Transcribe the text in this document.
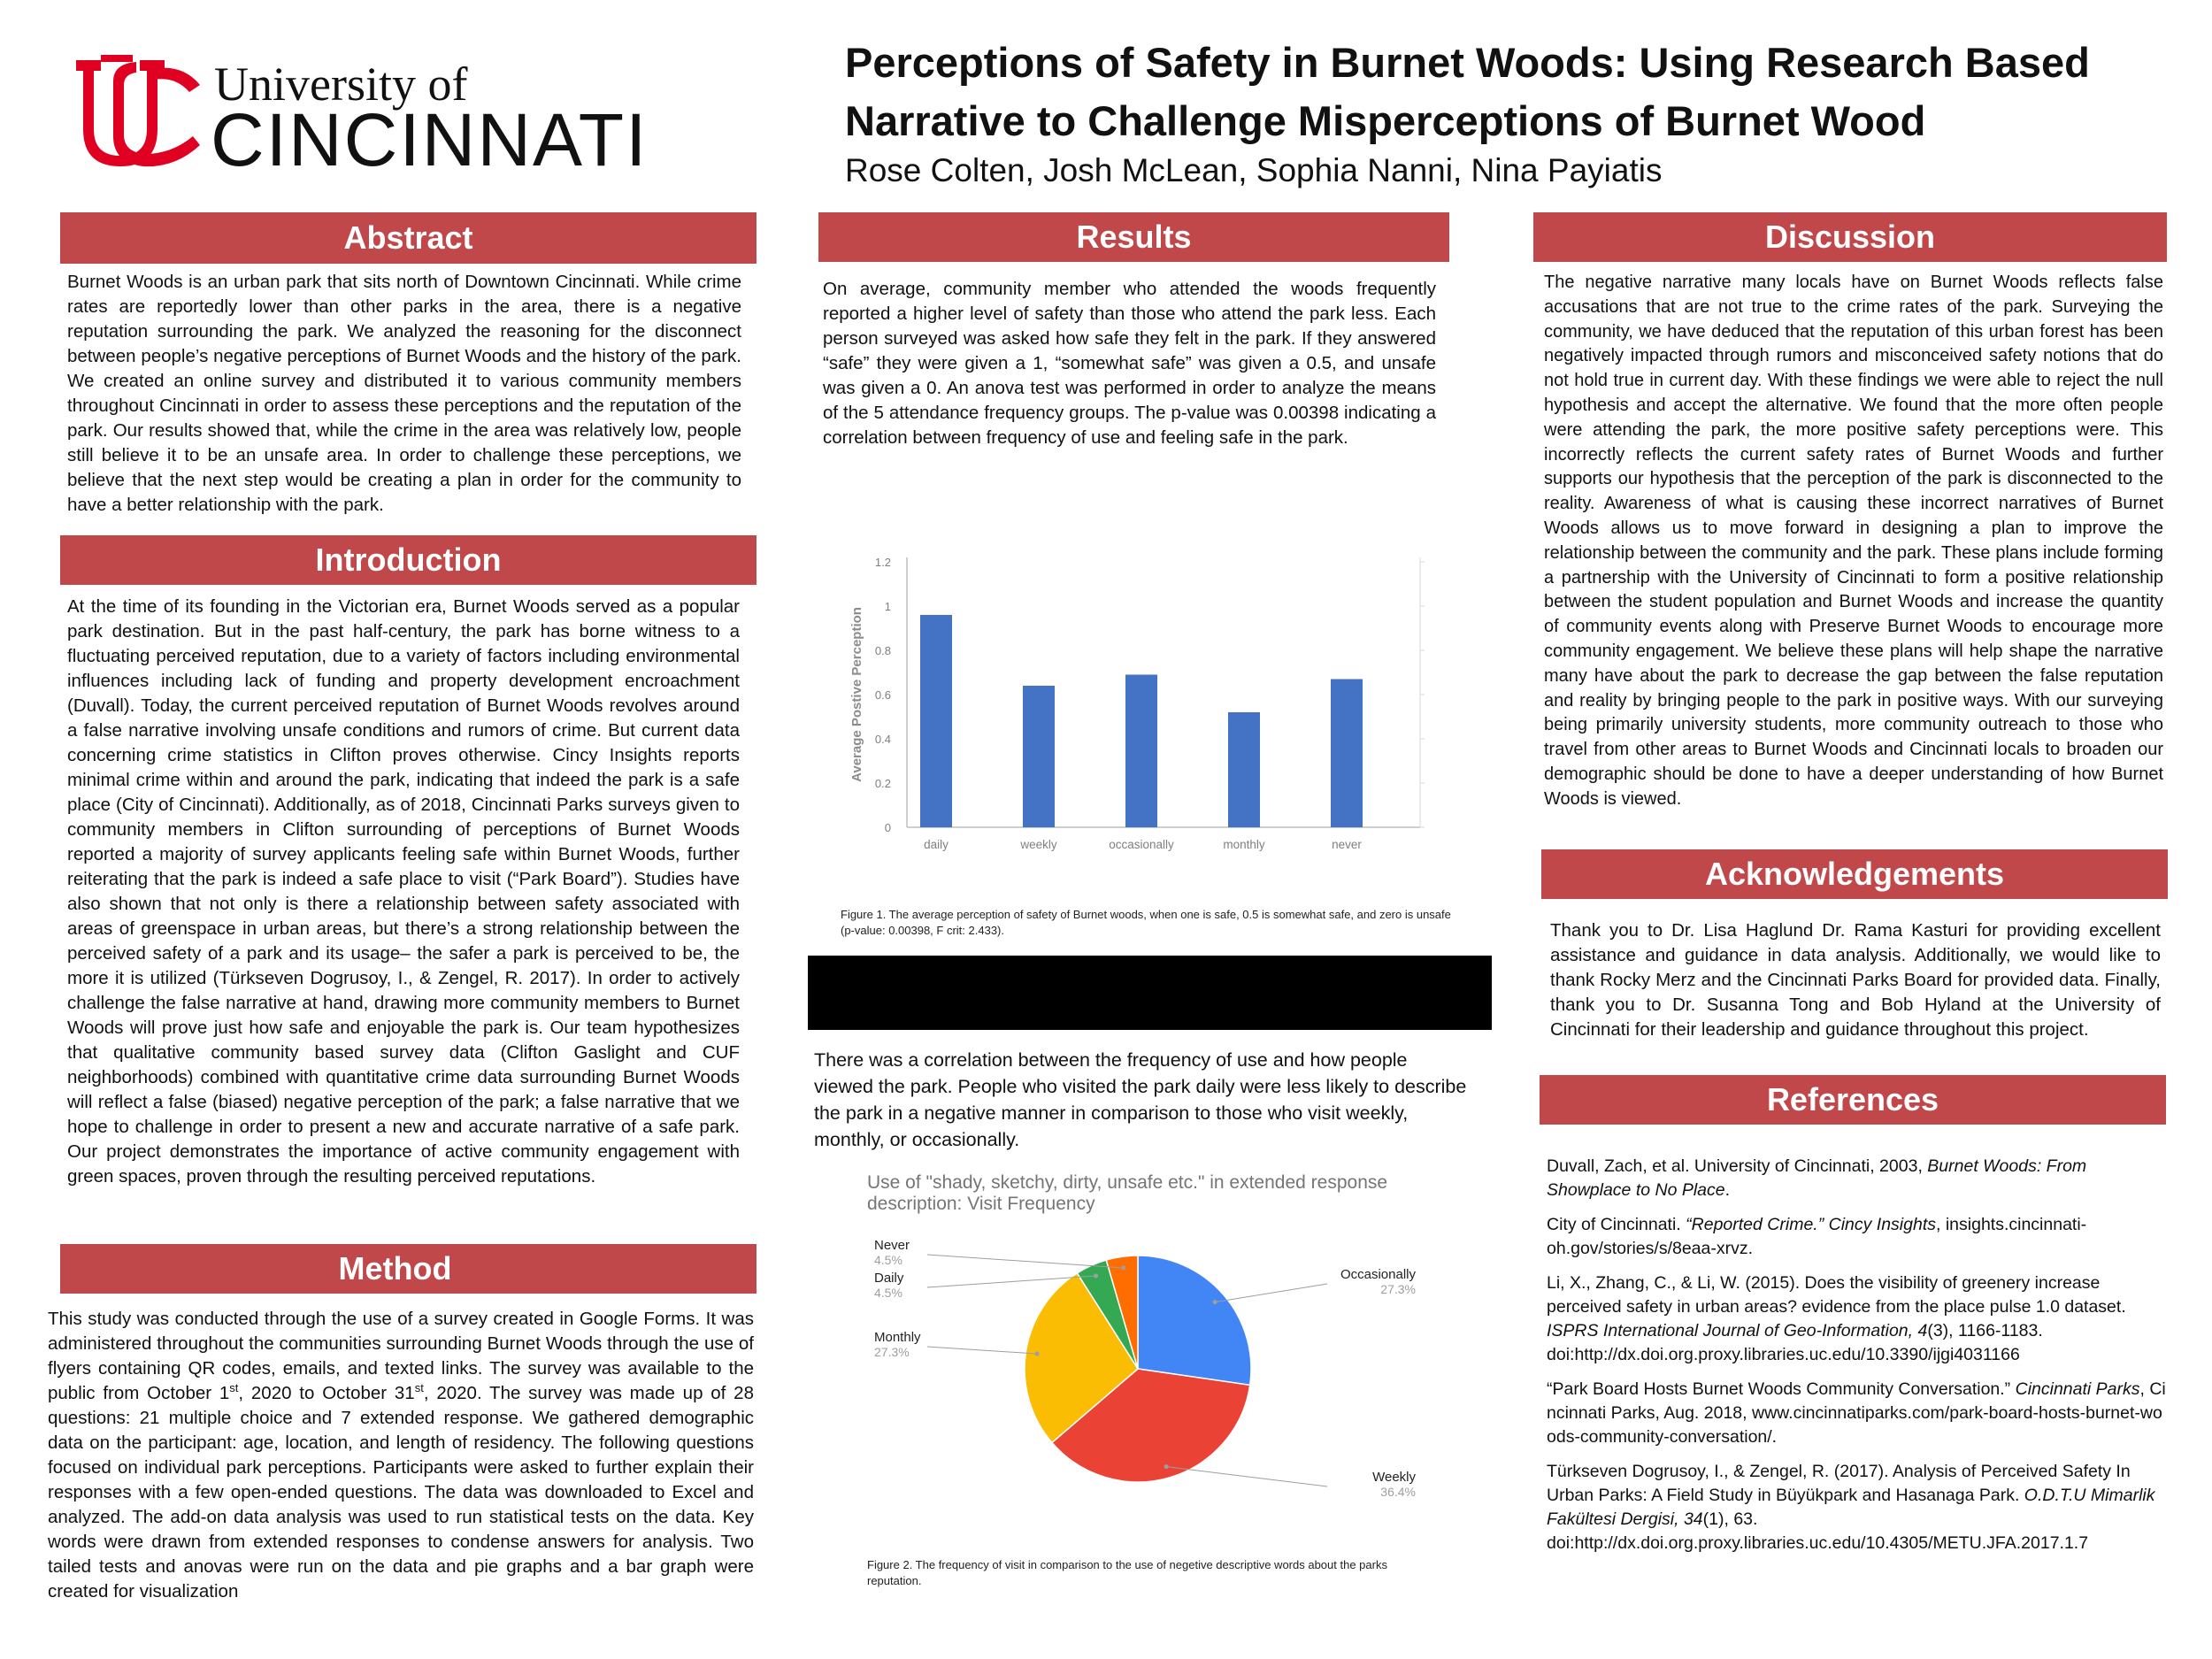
University of
CINCINNATI
Perceptions of Safety in Burnet Woods: Using Research Based Narrative to Challenge Misperceptions of Burnet Wood
Rose Colten, Josh McLean, Sophia Nanni, Nina Payiatis
Abstract
Burnet Woods is an urban park that sits north of Downtown Cincinnati. While crime rates are reportedly lower than other parks in the area, there is a negative reputation surrounding the park. We analyzed the reasoning for the disconnect between people’s negative perceptions of Burnet Woods and the history of the park. We created an online survey and distributed it to various community members throughout Cincinnati in order to assess these perceptions and the reputation of the park. Our results showed that, while the crime in the area was relatively low, people still believe it to be an unsafe area. In order to challenge these perceptions, we believe that the next step would be creating a plan in order for the community to have a better relationship with the park.
Introduction
At the time of its founding in the Victorian era, Burnet Woods served as a popular park destination. But in the past half-century, the park has borne witness to a fluctuating perceived reputation, due to a variety of factors including environmental influences including lack of funding and property development encroachment (Duvall). Today, the current perceived reputation of Burnet Woods revolves around a false narrative involving unsafe conditions and rumors of crime. But current data concerning crime statistics in Clifton proves otherwise. Cincy Insights reports minimal crime within and around the park, indicating that indeed the park is a safe place (City of Cincinnati). Additionally, as of 2018, Cincinnati Parks surveys given to community members in Clifton surrounding of perceptions of Burnet Woods reported a majority of survey applicants feeling safe within Burnet Woods, further reiterating that the park is indeed a safe place to visit (“Park Board”). Studies have also shown that not only is there a relationship between safety associated with areas of greenspace in urban areas, but there’s a strong relationship between the perceived safety of a park and its usage– the safer a park is perceived to be, the more it is utilized (Türkseven Dogrusoy, I., & Zengel, R. 2017). In order to actively challenge the false narrative at hand, drawing more community members to Burnet Woods will prove just how safe and enjoyable the park is. Our team hypothesizes that qualitative community based survey data (Clifton Gaslight and CUF neighborhoods) combined with quantitative crime data surrounding Burnet Woods will reflect a false (biased) negative perception of the park; a false narrative that we hope to challenge in order to present a new and accurate narrative of a safe park. Our project demonstrates the importance of active community engagement with green spaces, proven through the resulting perceived reputations.
Method
This study was conducted through the use of a survey created in Google Forms. It was administered throughout the communities surrounding Burnet Woods through the use of flyers containing QR codes, emails, and texted links. The survey was available to the public from October 1st, 2020 to October 31st, 2020. The survey was made up of 28 questions: 21 multiple choice and 7 extended response. We gathered demographic data on the participant: age, location, and length of residency. The following questions focused on individual park perceptions. Participants were asked to further explain their responses with a few open-ended questions. The data was downloaded to Excel and analyzed. The add-on data analysis was used to run statistical tests on the data. Key words were drawn from extended responses to condense answers for analysis. Two tailed tests and anovas were run on the data and pie graphs and a bar graph were created for visualization
Results
On average, community member who attended the woods frequently reported a higher level of safety than those who attend the park less. Each person surveyed was asked how safe they felt in the park. If they answered “safe” they were given a 1, “somewhat safe” was given a 0.5, and unsafe was given a 0. An anova test was performed in order to analyze the means of the 5 attendance frequency groups. The p-value was 0.00398 indicating a correlation between frequency of use and feeling safe in the park.
0
0.2
0.4
0.6
0.8
1
1.2
daily	weekly	occasionally	monthly	never
Average Postive Perception
Figure 1. The average perception of safety of Burnet woods, when one is safe, 0.5 is somewhat safe, and zero is unsafe (p-value: 0.00398, F crit: 2.433).
There was a correlation between the frequency of use and how people viewed the park. People who visited the park daily were less likely to describe the park in a negative manner in comparison to those who visit weekly, monthly, or occasionally.
Use of "shady, sketchy, dirty, unsafe etc." in extended response description: Visit Frequency
Occasionally
27.3%
Weekly
36.4%
Monthly
27.3%
Daily
4.5%
Never
4.5%
Figure 2. The frequency of visit in comparison to the use of negetive descriptive words about the parks reputation.
Discussion
The negative narrative many locals have on Burnet Woods reflects false accusations that are not true to the crime rates of the park. Surveying the community, we have deduced that the reputation of this urban forest has been negatively impacted through rumors and misconceived safety notions that do not hold true in current day. With these findings we were able to reject the null hypothesis and accept the alternative. We found that the more often people were attending the park, the more positive safety perceptions were. This incorrectly reflects the current safety rates of Burnet Woods and further supports our hypothesis that the perception of the park is disconnected to the reality. Awareness of what is causing these incorrect narratives of Burnet Woods allows us to move forward in designing a plan to improve the relationship between the community and the park. These plans include forming a partnership with the University of Cincinnati to form a positive relationship between the student population and Burnet Woods and increase the quantity of community events along with Preserve Burnet Woods to encourage more community engagement. We believe these plans will help shape the narrative many have about the park to decrease the gap between the false reputation and reality by bringing people to the park in positive ways. With our surveying being primarily university students, more community outreach to those who travel from other areas to Burnet Woods and Cincinnati locals to broaden our demographic should be done to have a deeper understanding of how Burnet Woods is viewed.
Acknowledgements
Thank you to Dr. Lisa Haglund Dr. Rama Kasturi for providing excellent assistance and guidance in data analysis. Additionally, we would like to thank Rocky Merz and the Cincinnati Parks Board for provided data. Finally, thank you to Dr. Susanna Tong and Bob Hyland at the University of Cincinnati for their leadership and guidance throughout this project.
References
Duvall, Zach, et al. University of Cincinnati, 2003, Burnet Woods: From Showplace to No Place.
City of Cincinnati. “Reported Crime.” Cincy Insights, insights.cincinnati-oh.gov/stories/s/8eaa-xrvz.
Li, X., Zhang, C., & Li, W. (2015). Does the visibility of greenery increase perceived safety in urban areas? evidence from the place pulse 1.0 dataset. ISPRS International Journal of Geo-Information, 4(3), 1166-1183. doi:http://dx.doi.org.proxy.libraries.uc.edu/10.3390/ijgi4031166
“Park Board Hosts Burnet Woods Community Conversation.” Cincinnati Parks, Cincinnati Parks, Aug. 2018, www.cincinnatiparks.com/park-board-hosts-burnet-woods-community-conversation/.
Türkseven Dogrusoy, I., & Zengel, R. (2017). Analysis of Perceived Safety In Urban Parks: A Field Study in Büyükpark and Hasanaga Park. O.D.T.U Mimarlik Fakültesi Dergisi, 34(1), 63. doi:http://dx.doi.org.proxy.libraries.uc.edu/10.4305/METU.JFA.2017.1.7
